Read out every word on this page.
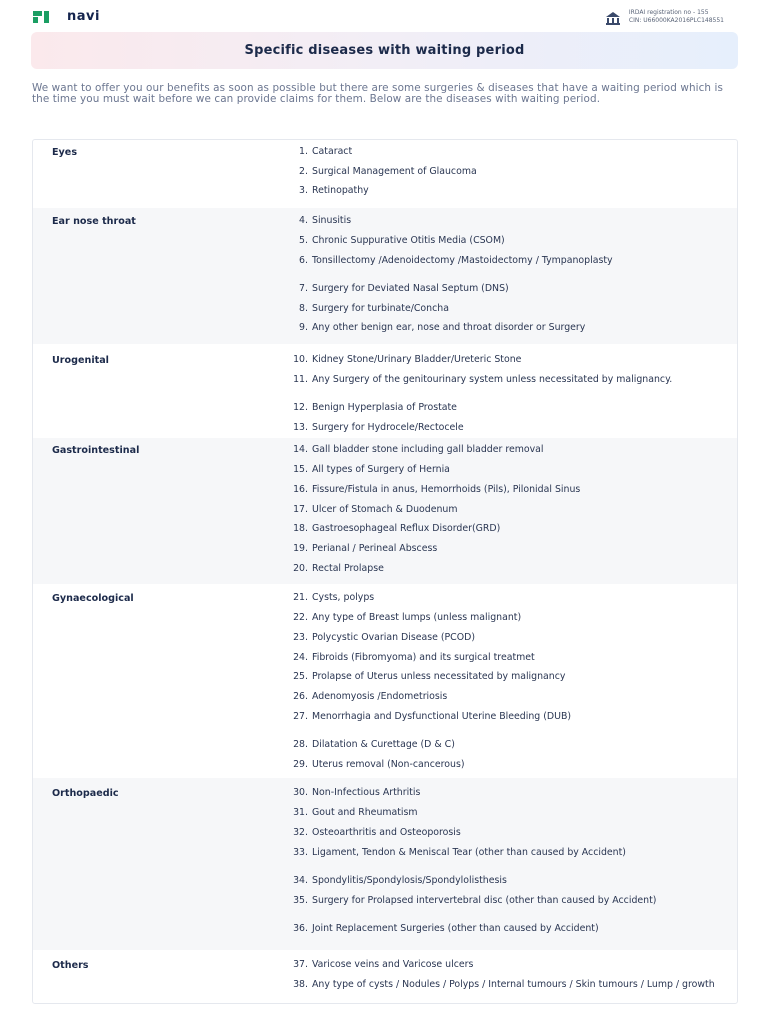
navi	IRDAI registration no - 155
CIN: U66000KA2016PLC148551
Specific diseases with waiting period

We want to offer you our benefits as soon as possible but there are some surgeries & diseases that have a waiting period which is the time you must wait before we can provide claims for them. Below are the diseases with waiting period.

Eyes	1. Cataract
2. Surgical Management of Glaucoma
3. Retinopathy
Ear nose throat	4. Sinusitis
5. Chronic Suppurative Otitis Media (CSOM)
6. Tonsillectomy /Adenoidectomy /Mastoidectomy / Tympanoplasty
7. Surgery for Deviated Nasal Septum (DNS)
8. Surgery for turbinate/Concha
9. Any other benign ear, nose and throat disorder or Surgery
Urogenital	10. Kidney Stone/Urinary Bladder/Ureteric Stone
11. Any Surgery of the genitourinary system unless necessitated by malignancy.
12. Benign Hyperplasia of Prostate
13. Surgery for Hydrocele/Rectocele
Gastrointestinal	14. Gall bladder stone including gall bladder removal
15. All types of Surgery of Hernia
16. Fissure/Fistula in anus, Hemorrhoids (Pils), Pilonidal Sinus
17. Ulcer of Stomach & Duodenum
18. Gastroesophageal Reflux Disorder(GRD)
19. Perianal / Perineal Abscess
20. Rectal Prolapse
Gynaecological	21. Cysts, polyps
22. Any type of Breast lumps (unless malignant)
23. Polycystic Ovarian Disease (PCOD)
24. Fibroids (Fibromyoma) and its surgical treatmet
25. Prolapse of Uterus unless necessitated by malignancy
26. Adenomyosis /Endometriosis
27. Menorrhagia and Dysfunctional Uterine Bleeding (DUB)
28. Dilatation & Curettage (D & C)
29. Uterus removal (Non-cancerous)
Orthopaedic	30. Non-Infectious Arthritis
31. Gout and Rheumatism
32. Osteoarthritis and Osteoporosis
33. Ligament, Tendon & Meniscal Tear (other than caused by Accident)
34. Spondylitis/Spondylosis/Spondylolisthesis
35. Surgery for Prolapsed intervertebral disc (other than caused by Accident)
36. Joint Replacement Surgeries (other than caused by Accident)
Others	37. Varicose veins and Varicose ulcers
38. Any type of cysts / Nodules / Polyps / Internal tumours / Skin tumours / Lump / growth
